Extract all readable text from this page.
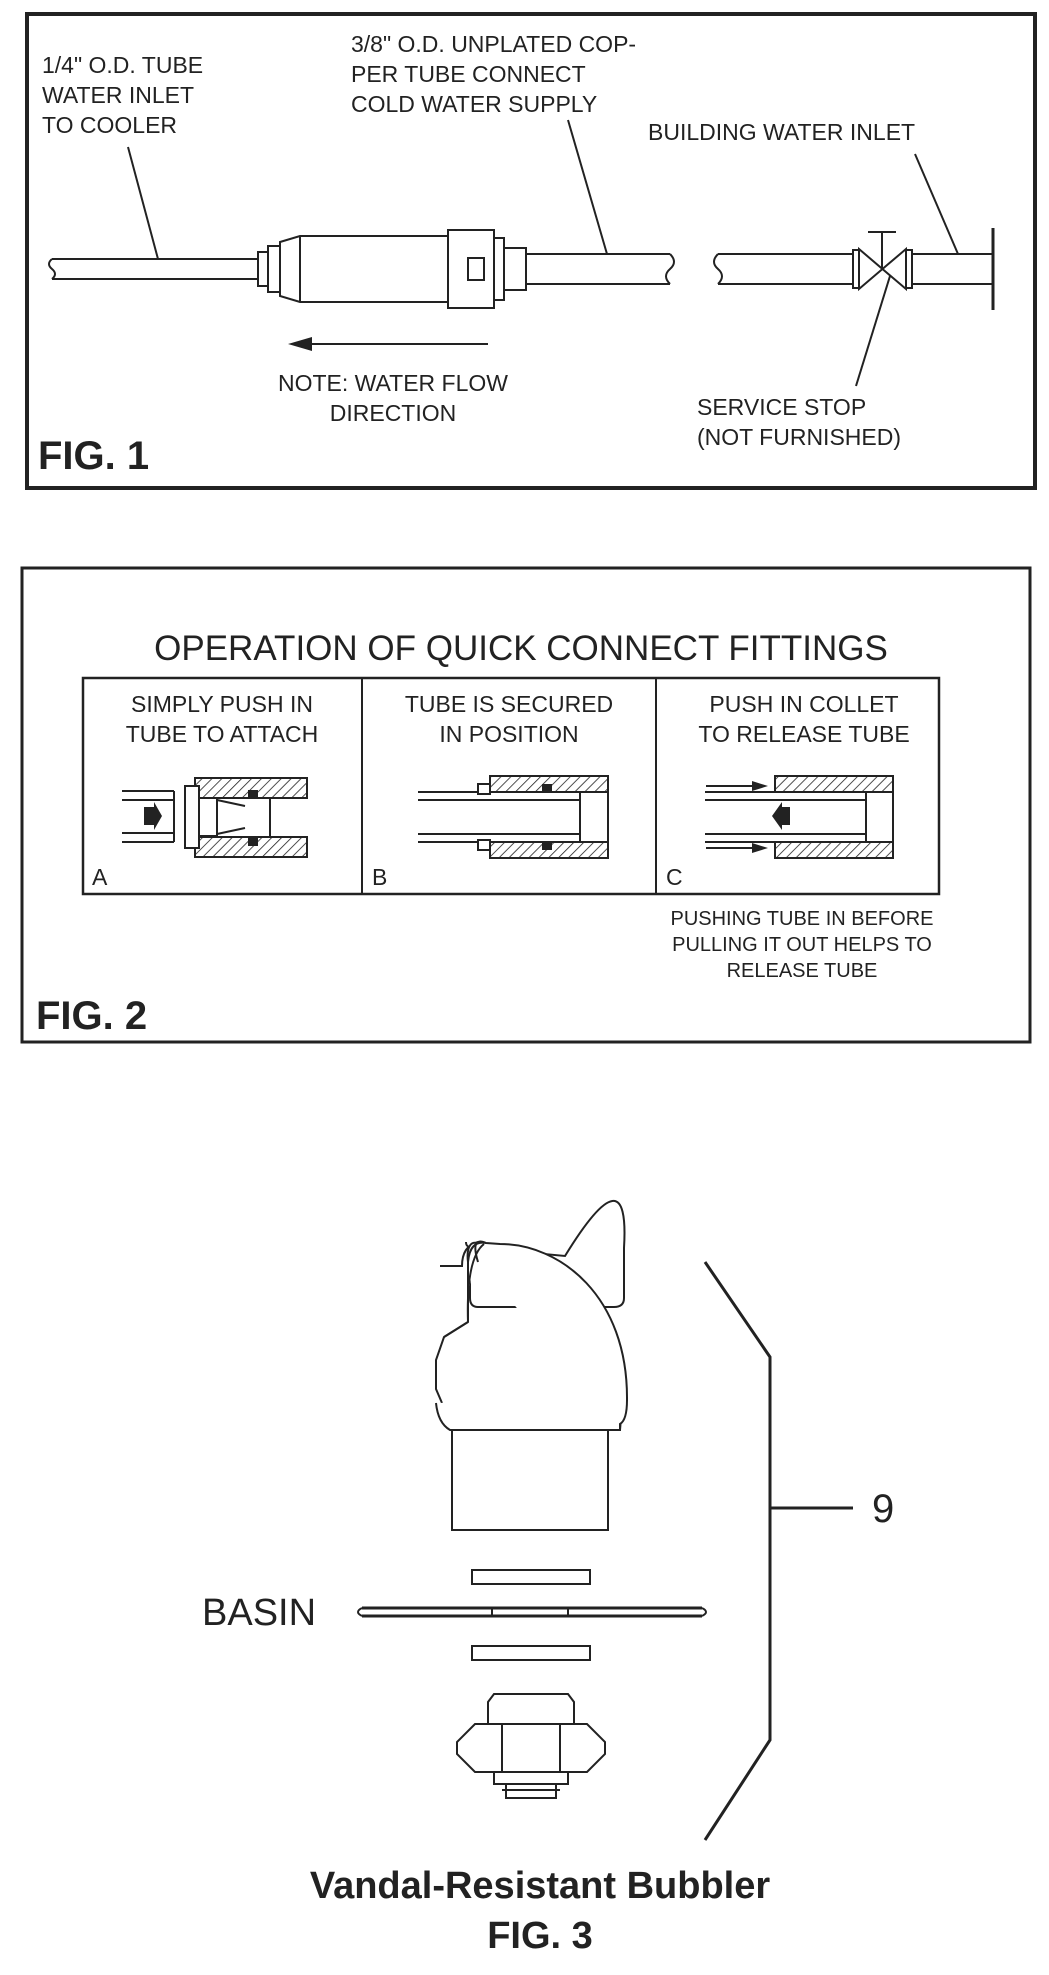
1/4" O.D. TUBE
WATER INLET
TO COOLER
3/8" O.D. UNPLATED COP-
PER TUBE CONNECT
COLD WATER SUPPLY
BUILDING WATER INLET
NOTE: WATER FLOW
DIRECTION	SERVICE STOP
(NOT FURNISHED)
FIG. 1
OPERATION OF QUICK CONNECT FITTINGS
SIMPLY PUSH IN
TUBE TO ATTACH
A
TUBE IS SECURED
IN POSITION
B
PUSH IN COLLET
TO RELEASE TUBE
C
PUSHING TUBE IN BEFORE
PULLING IT OUT HELPS TO
RELEASE TUBE
FIG. 2
BASIN
9
Vandal-Resistant Bubbler
FIG. 3
